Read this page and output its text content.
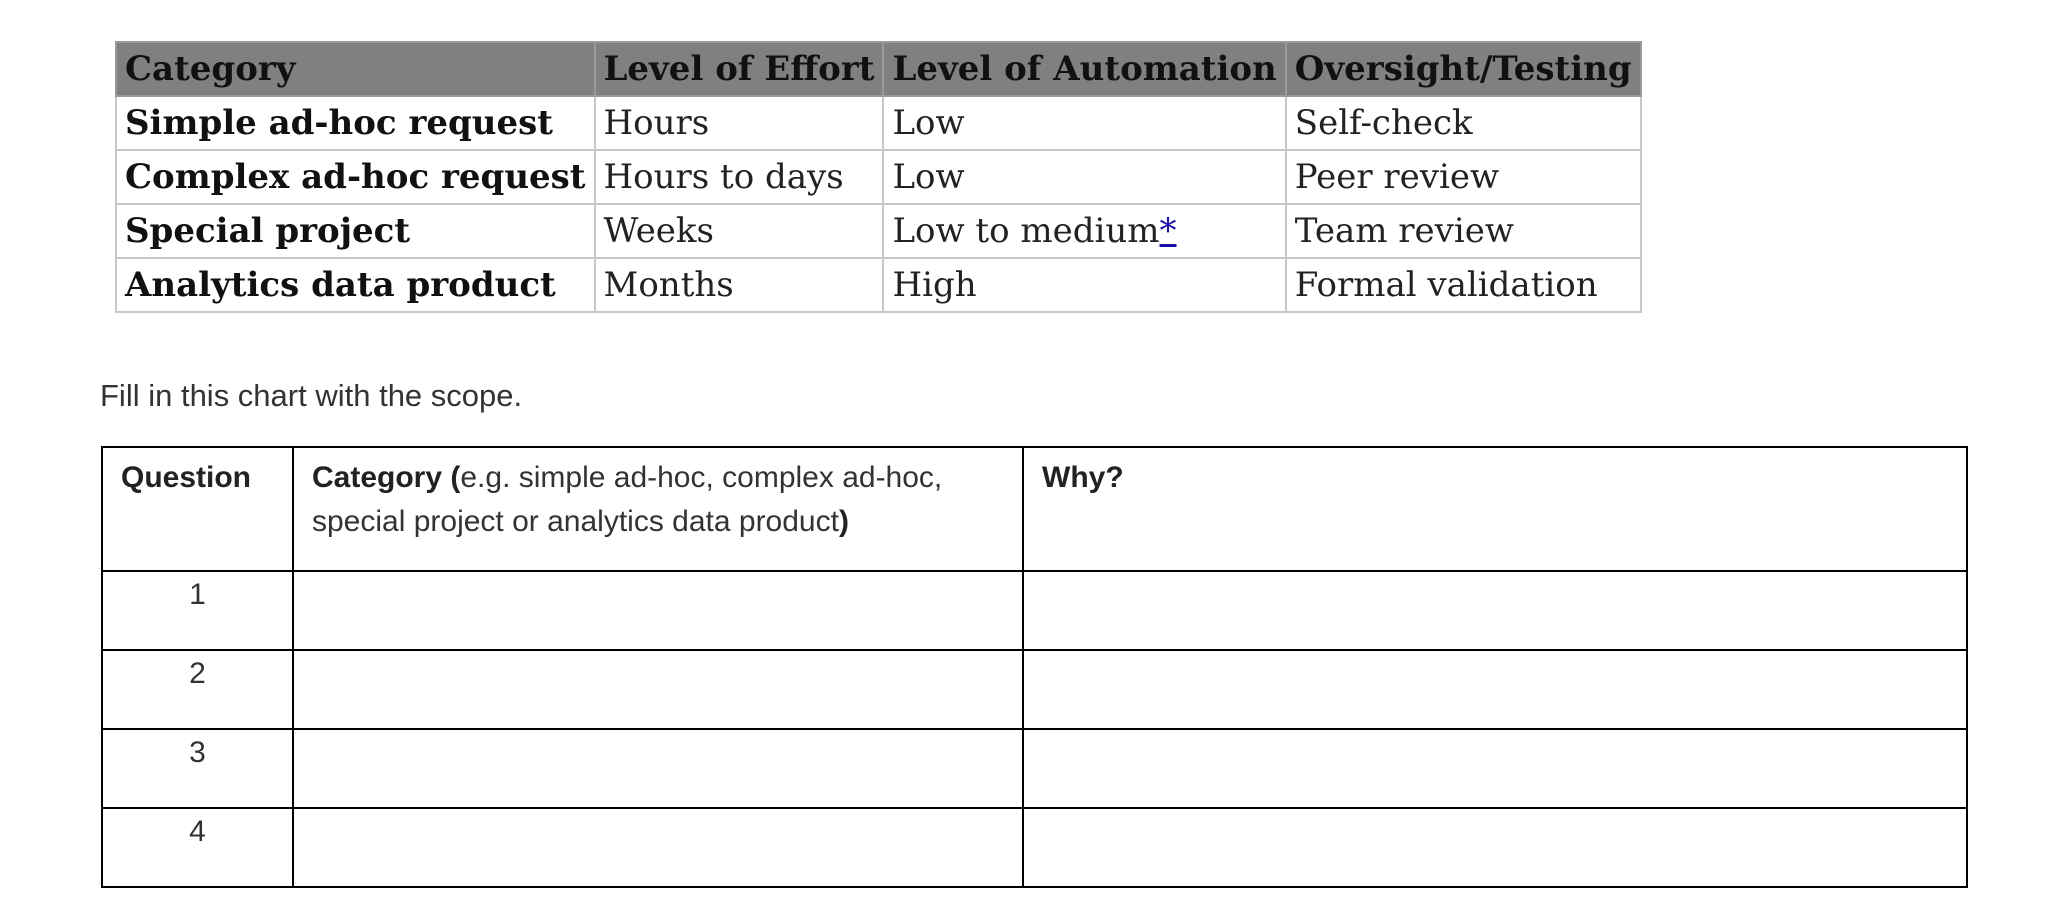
Category	Level of Effort	Level of Automation	Oversight/Testing
Simple ad-hoc request	Hours	Low	Self-check
Complex ad-hoc request	Hours to days	Low	Peer review
Special project	Weeks	Low to medium*	Team review
Analytics data product	Months	High	Formal validation
Fill in this chart with the scope.
Question	Category (e.g. simple ad-hoc, complex ad-hoc, special project or analytics data product)	Why?
1		
2		
3		
4		
